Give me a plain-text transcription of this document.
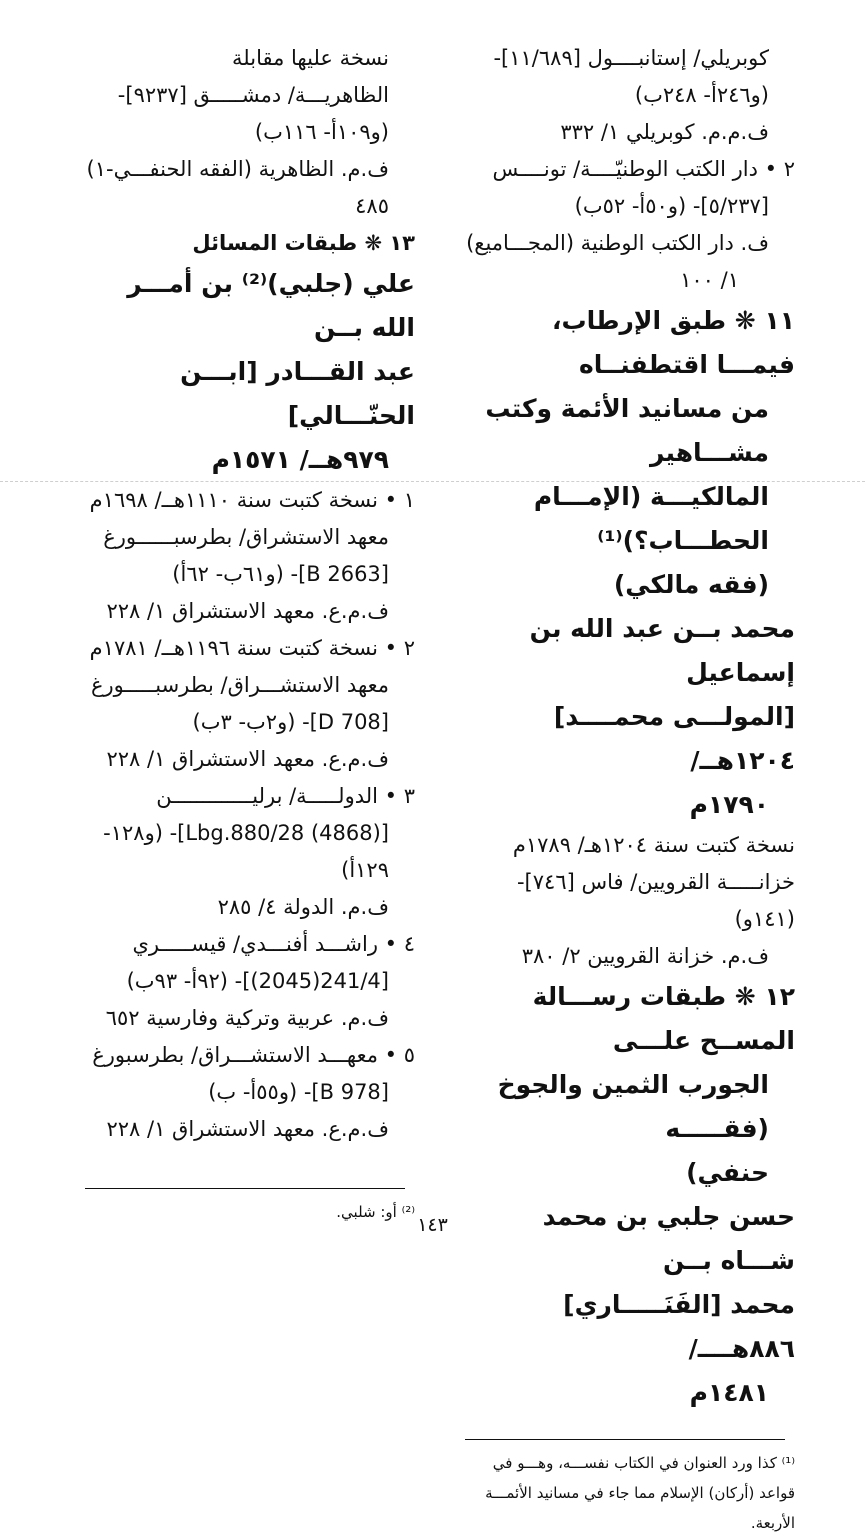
كوبريلي/ إستانبــــول [١١/٦٨٩]-
(و٢٤٦أ- ٢٤٨ب)
ف.م.م. كوبريلي ١/ ٣٣٢
٢ • دار الكتب الوطنيّــــة/ تونــــس
[٥/٢٣٧]- (و٥٠أ- ٥٢ب)
ف. دار الكتب الوطنية (المجـــاميع)
١/ ١٠٠
١١ ❋ طبق الإرطاب، فيمـــا اقتطفنــاه
من مسانيد الأئمة وكتب مشـــاهير
المالكيـــة (الإمـــام الحطـــاب؟)⁽¹⁾
(فقه مالكي)
محمد بــن عبد الله بن إسماعيل
[المولـــى محمــــد] ١٢٠٤هــ/
١٧٩٠م
نسخة كتبت سنة ١٢٠٤هـ/ ١٧٨٩م
خزانـــــة القرويين/ فاس [٧٤٦]-
(١٤١و)
ف.م. خزانة القرويين ٢/ ٣٨٠
١٢ ❋ طبقات رســـالة المســح علـــى
الجورب الثمين والجوخ (فقـــــه
حنفي)
حسن جلبي بن محمد شـــاه بــن
محمد [الفَنَـــــاري] ٨٨٦هــــ/
١٤٨١م
⁽¹⁾ كذا ورد العنوان في الكتاب نفســـه، وهـــو في قواعد (أركان) الإسلام مما جاء في مسانيد الأئمـــة الأربعة.
نسخة عليها مقابلة
الظاهريـــة/ دمشـــــق [٩٢٣٧]-
(و١٠٩أ- ١١٦ب)
ف.م. الظاهرية (الفقه الحنفـــي-١)
٤٨٥
١٣ ❋ طبقات المسائل
علي (جلبي)⁽²⁾ بن أمـــر الله بــن
عبد القـــادر [ابـــن الحنّـــالي]
٩٧٩هــ/ ١٥٧١م
١ • نسخة كتبت سنة ١١١٠هــ/ ١٦٩٨م
معهد الاستشراق/ بطرسبــــــورغ
[B 2663]- (و٦١ب- ٦٢أ)
ف.م.ع. معهد الاستشراق ١/ ٢٢٨
٢ • نسخة كتبت سنة ١١٩٦هــ/ ١٧٨١م
معهد الاستشـــراق/ بطرسبـــــورغ
[D 708]- (و٢ب- ٣ب)
ف.م.ع. معهد الاستشراق ١/ ٢٢٨
٣ • الدولـــــة/ برليـــــــــــــن
[(4868) Lbg.880/28]- (و١٢٨-
١٢٩أ)
ف.م. الدولة ٤/ ٢٨٥
٤ • راشـــد أفنـــدي/ قيســـــري
[241/4(2045)]- (٩٢أ- ٩٣ب)
ف.م. عربية وتركية وفارسية ٦٥٢
٥ • معهـــد الاستشـــراق/ بطرسبورغ
[B 978]- (و٥٥أ- ب)
ف.م.ع. معهد الاستشراق ١/ ٢٢٨
⁽²⁾ أو: شلبي.
١٤٣
